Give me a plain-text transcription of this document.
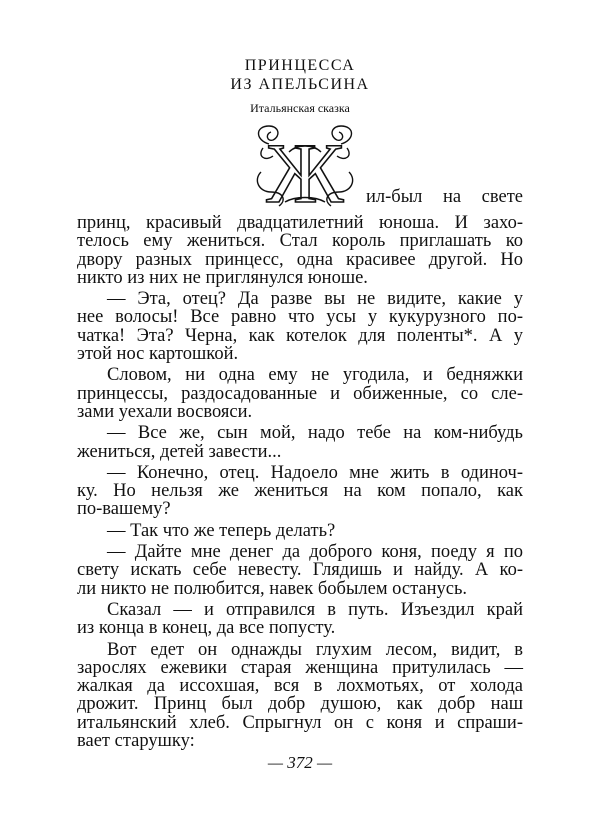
ПРИНЦЕССА
ИЗ АПЕЛЬСИНА
Итальянская сказка
Ж ил-был на свете
принц, красивый двадцатилетний юноша. И захо-
телось ему жениться. Стал король приглашать ко
двору разных принцесс, одна красивее другой. Но
никто из них не приглянулся юноше.
— Эта, отец? Да разве вы не видите, какие у
нее волосы! Все равно что усы у кукурузного по-
чатка! Эта? Черна, как котелок для поленты*. А у
этой нос картошкой.
Словом, ни одна ему не угодила, и бедняжки
принцессы, раздосадованные и обиженные, со сле-
зами уехали восвояси.
— Все же, сын мой, надо тебе на ком-нибудь
жениться, детей завести...
— Конечно, отец. Надоело мне жить в одиноч-
ку. Но нельзя же жениться на ком попало, как
по-вашему?
— Так что же теперь делать?
— Дайте мне денег да доброго коня, поеду я по
свету искать себе невесту. Глядишь и найду. А ко-
ли никто не полюбится, навек бобылем останусь.
Сказал — и отправился в путь. Изъездил край
из конца в конец, да все попусту.
Вот едет он однажды глухим лесом, видит, в
зарослях ежевики старая женщина притулилась —
жалкая да иссохшая, вся в лохмотьях, от холода
дрожит. Принц был добр душою, как добр наш
итальянский хлеб. Спрыгнул он с коня и спраши-
вает старушку:
— 372 —
